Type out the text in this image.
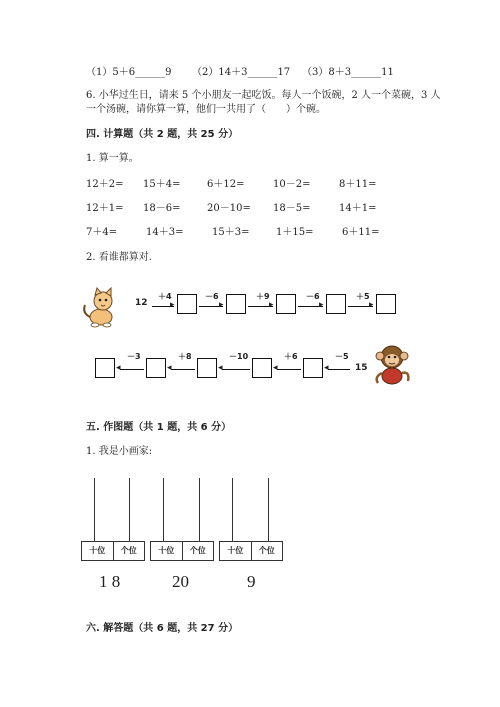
（1）5＋6______9 （2）14＋3______17 （3）8＋3______11
6. 小华过生日，请来 5 个小朋友一起吃饭。每人一个饭碗，2 人一个菜碗，3 人
一个汤碗，请你算一算，他们一共用了（　　）个碗。
四. 计算题（共 2 题，共 25 分）
1. 算一算。
12＋2= 15＋4=	6＋12=	10－2=	8＋11=
12＋1= 18－6=	20－10= 18－5=	14＋1=
7＋4=	14＋3=	15＋3=	1＋15=	6＋11=
2. 看谁都算对.
12
＋4
▸
－6
▸
＋9
▸
－6
▸
＋5
▸
－3
◂
＋8
◂
－10
◂
＋6
◂
－5
◂	15
五. 作图题（共 1 题，共 6 分）
1. 我是小画家:
十位	个位
1 8
十位	个位
20
十位	个位
9
六. 解答题（共 6 题，共 27 分）
